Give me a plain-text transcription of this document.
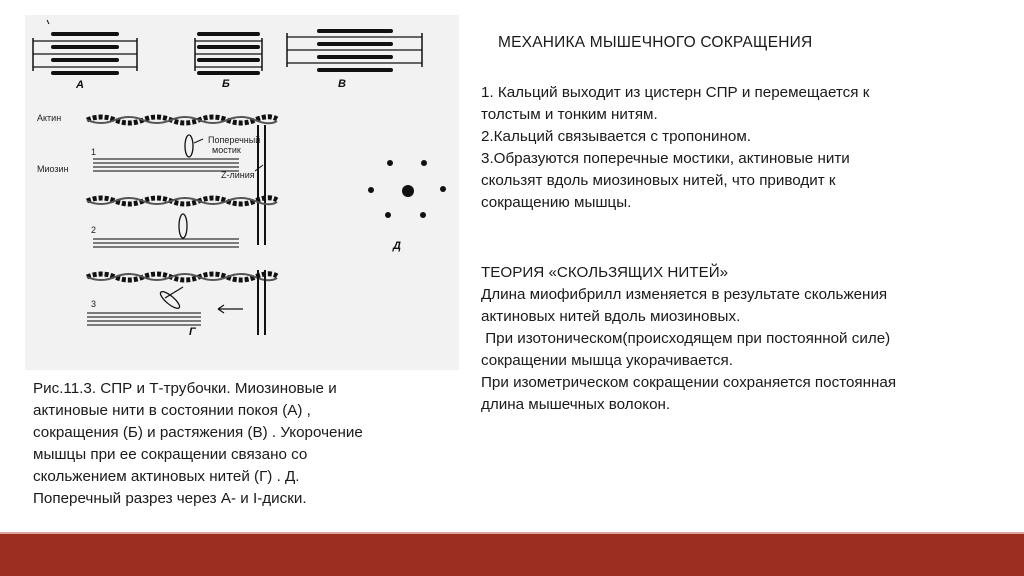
А	Б	В
Актин
Миозин
1
2
3
Поперечный
мостик
Z-линия
Г
Д
Рис.11.3. СПР и Т-трубочки. Миозиновые и
актиновые нити в состоянии покоя (А) ,
сокращения (Б) и растяжения (В) . Укорочение
мышцы при ее сокращении связано со
скольжением актиновых нитей (Г) . Д.
Поперечный разрез через А- и I-диски.
МЕХАНИКА МЫШЕЧНОГО СОКРАЩЕНИЯ

1. Кальций выходит из цистерн СПР и перемещается к

толстым и тонким нитям.

2.Кальций связывается с тропонином.

3.Образуются поперечные мостики, актиновые нити

скользят вдоль миозиновых нитей, что приводит к

сокращению мышцы.

ТЕОРИЯ «СКОЛЬЗЯЩИХ НИТЕЙ»

Длина миофибрилл изменяется в результате скольжения

актиновых нитей вдоль миозиновых.

При изотоническом(происходящем при постоянной силе)

сокращении мышца укорачивается.

При изометрическом сокращении сохраняется постоянная

длина мышечных волокон.
